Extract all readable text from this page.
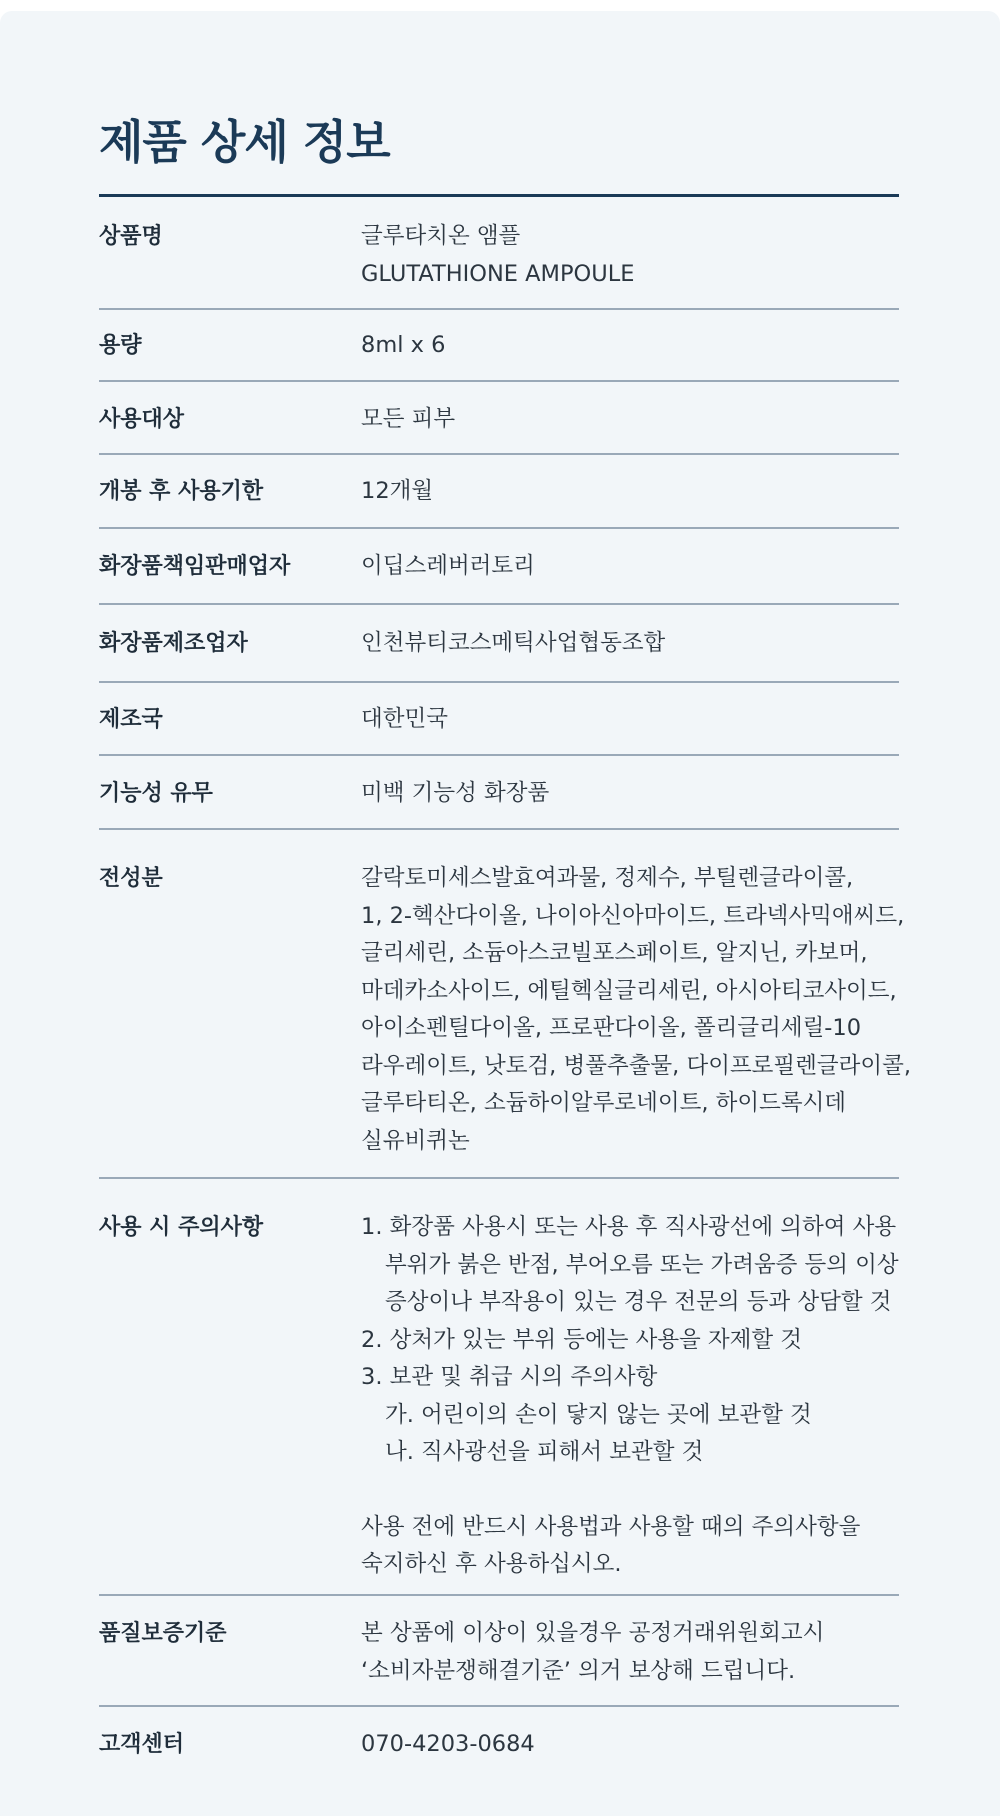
제품 상세 정보
상품명	글루타치온 앰플
GLUTATHIONE AMPOULE
용량	8ml x 6
사용대상	모든 피부
개봉 후 사용기한	12개월
화장품책임판매업자	이딥스레버러토리
화장품제조업자	인천뷰티코스메틱사업협동조합
제조국	대한민국
기능성 유무	미백 기능성 화장품
전성분	갈락토미세스발효여과물, 정제수, 부틸렌글라이콜,
1, 2-헥산다이올, 나이아신아마이드, 트라넥사믹애씨드,
글리세린, 소듐아스코빌포스페이트, 알지닌, 카보머,
마데카소사이드, 에틸헥실글리세린, 아시아티코사이드,
아이소펜틸다이올, 프로판다이올, 폴리글리세릴-10
라우레이트, 낫토검, 병풀추출물, 다이프로필렌글라이콜,
글루타티온, 소듐하이알루로네이트, 하이드록시데
실유비퀴논
사용 시 주의사항	1. 화장품 사용시 또는 사용 후 직사광선에 의하여 사용
부위가 붉은 반점, 부어오름 또는 가려움증 등의 이상
증상이나 부작용이 있는 경우 전문의 등과 상담할 것
2. 상처가 있는 부위 등에는 사용을 자제할 것
3. 보관 및 취급 시의 주의사항
가. 어린이의 손이 닿지 않는 곳에 보관할 것
나. 직사광선을 피해서 보관할 것
사용 전에 반드시 사용법과 사용할 때의 주의사항을
숙지하신 후 사용하십시오.
품질보증기준	본 상품에 이상이 있을경우 공정거래위원회고시
‘소비자분쟁해결기준’ 의거 보상해 드립니다.
고객센터	070-4203-0684
